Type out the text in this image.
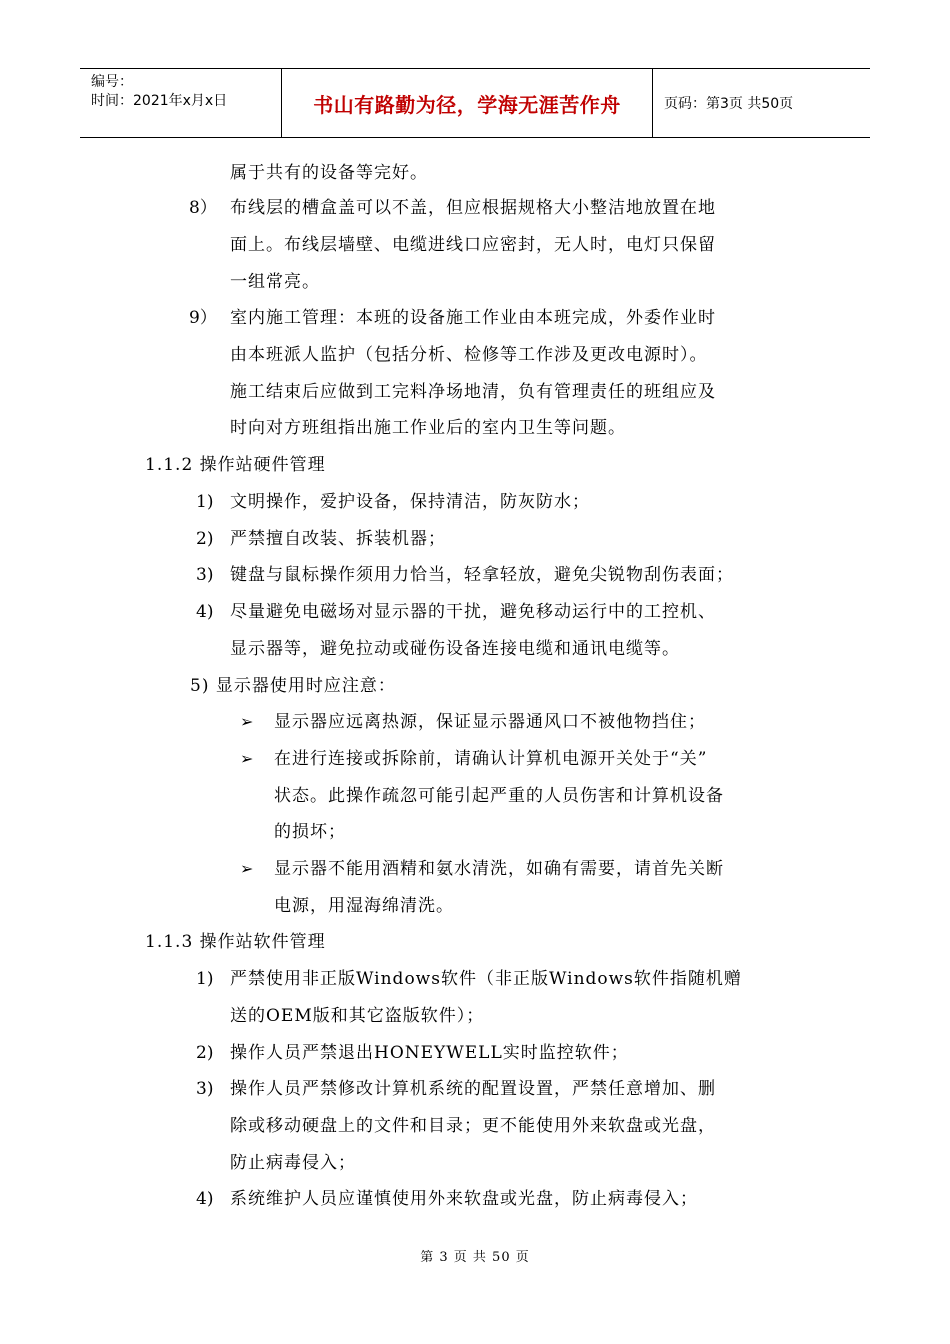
编号：
时间：2021年x月x日	书山有路勤为径，学海无涯苦作舟	页码：第3页 共50页
属于共有的设备等完好。
8） 布线层的槽盒盖可以不盖，但应根据规格大小整洁地放置在地
面上。布线层墙壁、电缆进线口应密封，无人时，电灯只保留
一组常亮。
9） 室内施工管理：本班的设备施工作业由本班完成，外委作业时
由本班派人监护（包括分析、检修等工作涉及更改电源时）。
施工结束后应做到工完料净场地清，负有管理责任的班组应及
时向对方班组指出施工作业后的室内卫生等问题。
1.1.2 操作站硬件管理
1) 文明操作，爱护设备，保持清洁，防灰防水；
2) 严禁擅自改装、拆装机器；
3) 键盘与鼠标操作须用力恰当，轻拿轻放，避免尖锐物刮伤表面；
4) 尽量避免电磁场对显示器的干扰，避免移动运行中的工控机、
显示器等，避免拉动或碰伤设备连接电缆和通讯电缆等。
5) 显示器使用时应注意：
➢ 显示器应远离热源，保证显示器通风口不被他物挡住；
➢ 在进行连接或拆除前，请确认计算机电源开关处于“关”
状态。此操作疏忽可能引起严重的人员伤害和计算机设备
的损坏；
➢ 显示器不能用酒精和氨水清洗，如确有需要，请首先关断
电源，用湿海绵清洗。
1.1.3 操作站软件管理
1) 严禁使用非正版Windows软件（非正版Windows软件指随机赠
送的OEM版和其它盗版软件）；
2) 操作人员严禁退出HONEYWELL实时监控软件；
3) 操作人员严禁修改计算机系统的配置设置，严禁任意增加、删
除或移动硬盘上的文件和目录；更不能使用外来软盘或光盘，
防止病毒侵入；
4) 系统维护人员应谨慎使用外来软盘或光盘，防止病毒侵入；
第 3 页 共 50 页
